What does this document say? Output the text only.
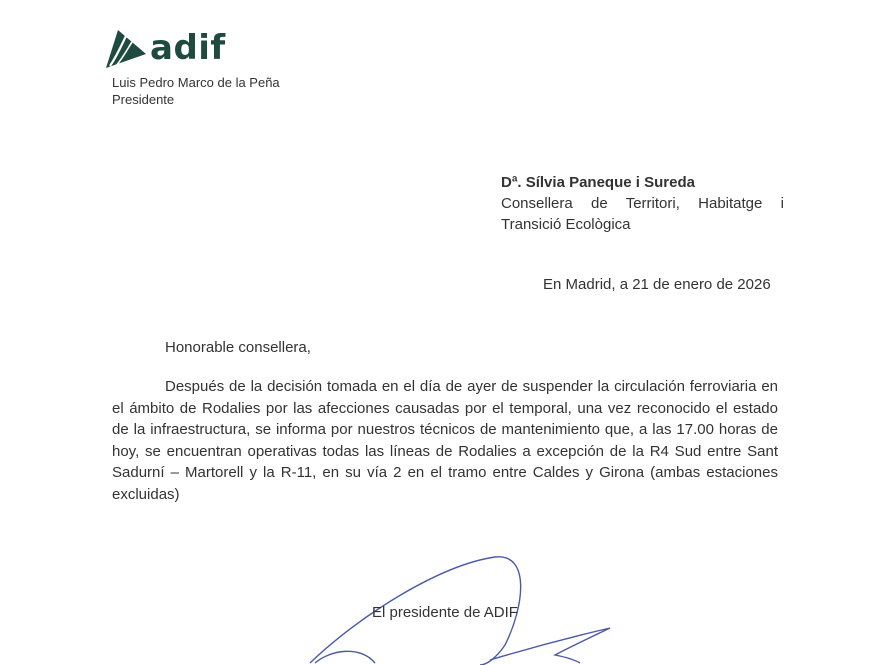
adif
Luis Pedro Marco de la Peña
Presidente
Dª. Sílvia Paneque i Sureda
Consellera de Territori, Habitatge i Transició Ecològica
En Madrid, a 21 de enero de 2026
Honorable consellera,
Después de la decisión tomada en el día de ayer de suspender la circulación ferroviaria en el ámbito de Rodalies por las afecciones causadas por el temporal, una vez reconocido el estado de la infraestructura, se informa por nuestros técnicos de mantenimiento que, a las 17.00 horas de hoy, se encuentran operativas todas las líneas de Rodalies a excepción de la R4 Sud entre Sant Sadurní – Martorell y la R-11, en su vía 2 en el tramo entre Caldes y Girona (ambas estaciones excluidas)
El presidente de ADIF
